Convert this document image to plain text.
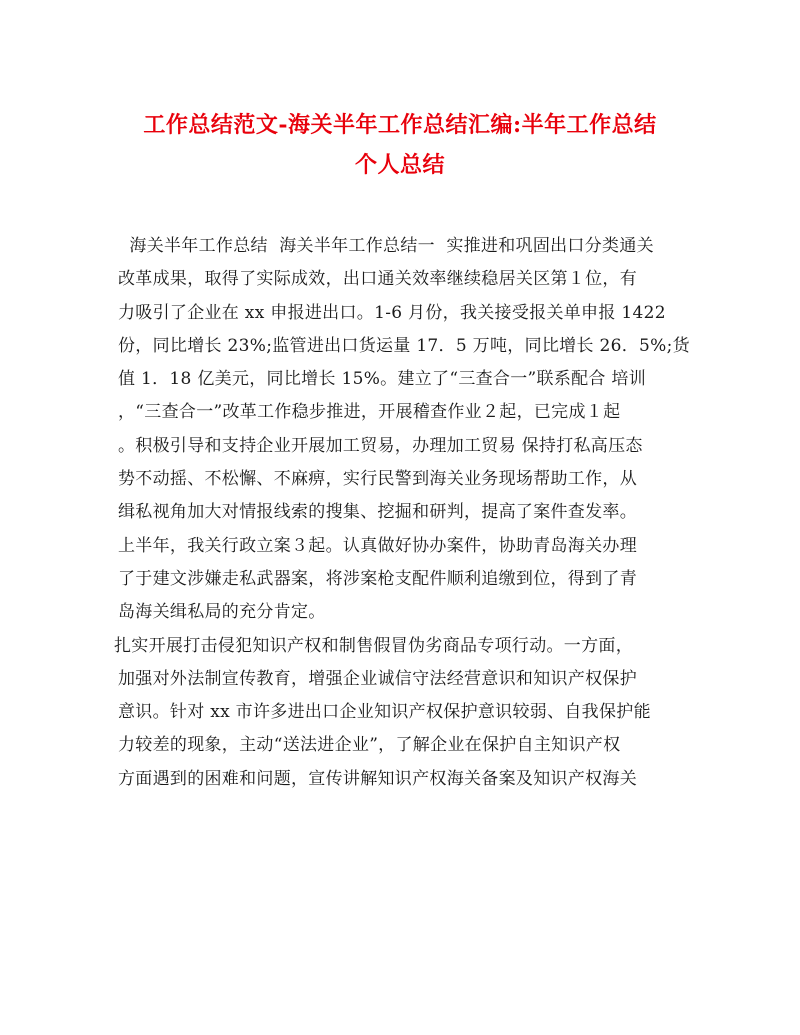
工作总结范文-海关半年工作总结汇编:半年工作总结
个人总结
海关半年工作总结  海关半年工作总结一  实推进和巩固出口分类通关
改革成果，取得了实际成效，出口通关效率继续稳居关区第１位，有
力吸引了企业在 xx 申报进出口。1-6 月份，我关接受报关单申报 1422
份，同比增长 23%;监管进出口货运量 17．5 万吨，同比增长 26．5%;货
值 1．18 亿美元，同比增长 15%。建立了“三查合一”联系配合 培训
，“三查合一”改革工作稳步推进，开展稽查作业２起，已完成１起
。积极引导和支持企业开展加工贸易，办理加工贸易 保持打私高压态
势不动摇、不松懈、不麻痹，实行民警到海关业务现场帮助工作，从
缉私视角加大对情报线索的搜集、挖掘和研判，提高了案件查发率。
上半年，我关行政立案３起。认真做好协办案件，协助青岛海关办理
了于建文涉嫌走私武器案，将涉案枪支配件顺利追缴到位，得到了青
岛海关缉私局的充分肯定。
扎实开展打击侵犯知识产权和制售假冒伪劣商品专项行动。一方面，
加强对外法制宣传教育，增强企业诚信守法经营意识和知识产权保护
意识。针对 xx 市许多进出口企业知识产权保护意识较弱、自我保护能
力较差的现象，主动“送法进企业”，了解企业在保护自主知识产权
方面遇到的困难和问题，宣传讲解知识产权海关备案及知识产权海关
